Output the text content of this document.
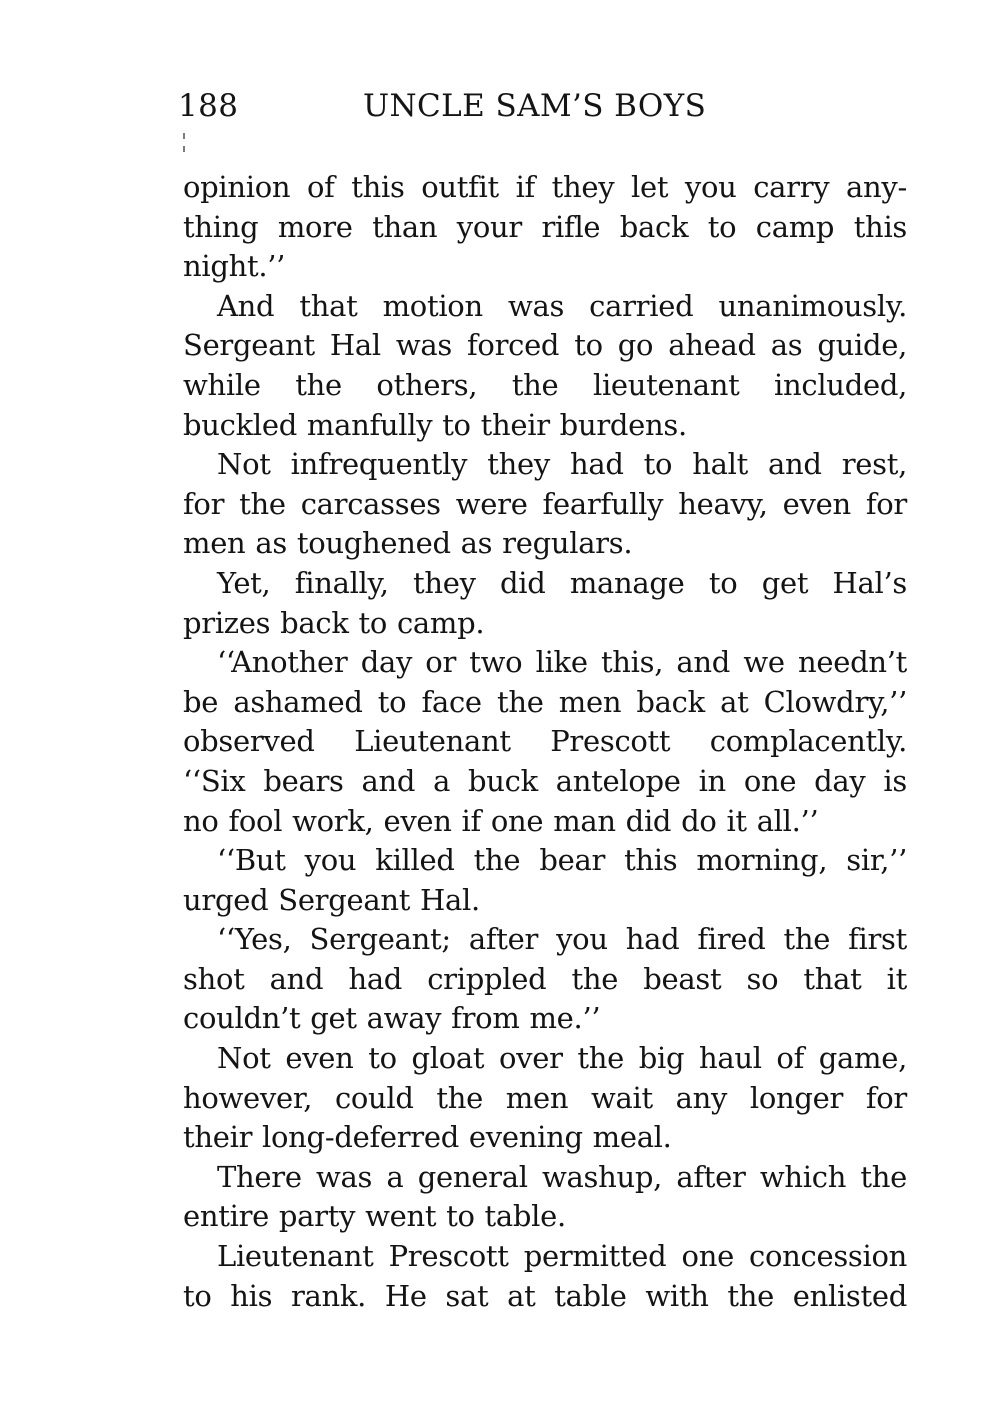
188	UNCLE SAM’S BOYS
opinion of this outfit if they let you carry any-
thing more than your rifle back to camp this
night.’’
And that motion was carried unanimously.
Sergeant Hal was forced to go ahead as guide,
while the others, the lieutenant included,
buckled manfully to their burdens.
Not infrequently they had to halt and rest,
for the carcasses were fearfully heavy, even for
men as toughened as regulars.
Yet, finally, they did manage to get Hal’s
prizes back to camp.
‘‘Another day or two like this, and we needn’t
be ashamed to face the men back at Clowdry,’’
observed Lieutenant Prescott complacently.
‘‘Six bears and a buck antelope in one day is
no fool work, even if one man did do it all.’’
‘‘But you killed the bear this morning, sir,’’
urged Sergeant Hal.
‘‘Yes, Sergeant; after you had fired the first
shot and had crippled the beast so that it
couldn’t get away from me.’’
Not even to gloat over the big haul of game,
however, could the men wait any longer for
their long-deferred evening meal.
There was a general washup, after which the
entire party went to table.
Lieutenant Prescott permitted one concession
to his rank. He sat at table with the enlisted
